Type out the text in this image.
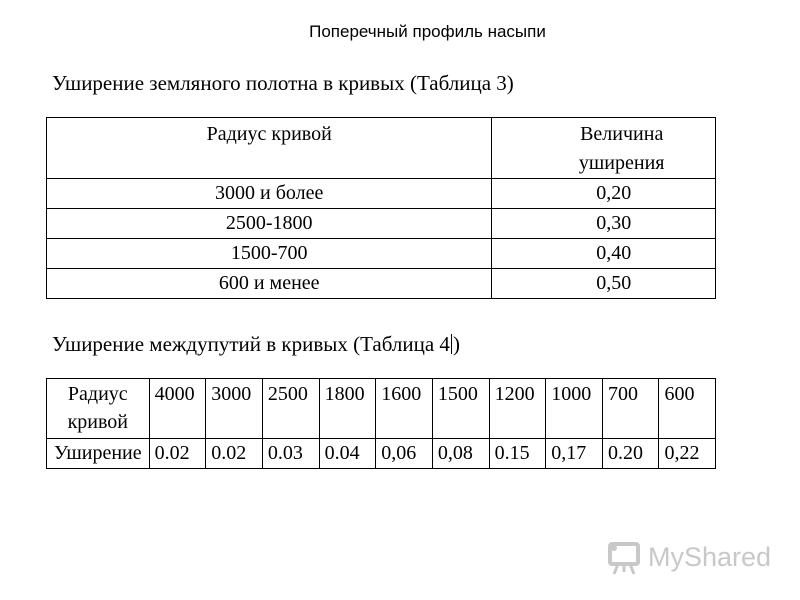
Поперечный профиль насыпи
Уширение земляного полотна в кривых (Таблица 3)
Радиус кривой	Величина
уширения
3000 и более	0,20
2500-1800	0,30
1500-700	0,40
600 и менее	0,50
Уширение междупутий в кривых (Таблица 4 )
Радиус
кривой	4000	3000	2500	1800	1600	1500	1200	1000	700	600
Уширение	0.02	0.02	0.03	0.04	0,06	0,08	0.15	0,17	0.20	0,22
MyShared
